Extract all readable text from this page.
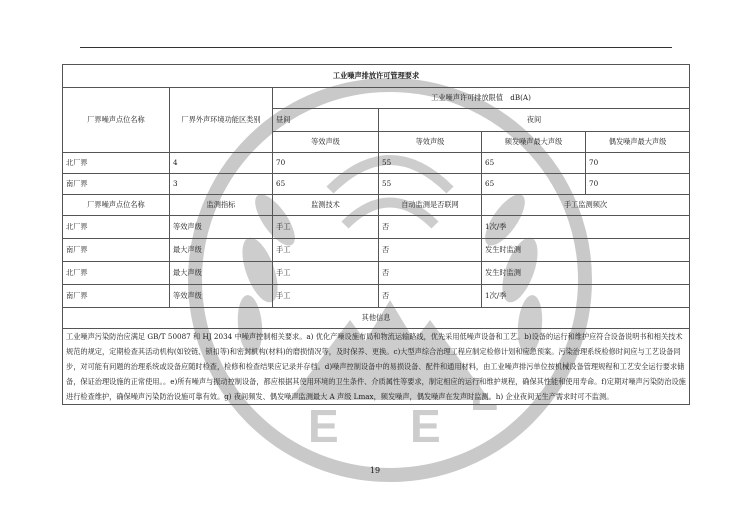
E E
L
工业噪声排放许可管理要求					
厂界噪声点位名称	厂界外声环境功能区类别	工业噪声许可排放限值　dB(A)			
		昼间	夜间		
		等效声级	等效声级	频发噪声最大声级	偶发噪声最大声级
北厂界	4	70	55	65	70
南厂界	3	65	55	65	70
厂界噪声点位名称	监测指标	监测技术	自动监测是否联网	手工监测频次	
北厂界	等效声级	手工	否	1次/季	
南厂界	最大声级	手工	否	发生时监测	
北厂界	最大声级	手工	否	发生时监测	
南厂界	等效声级	手工	否	1次/季	
其他信息					
工业噪声污染防治应满足 GB/T 50087 和 HJ 2034 中噪声控制相关要求。a) 优化产噪设施布局和物流运输路线，优先采用低噪声设备和工艺。b)设备的运行和维护应符合设备说明书和相关技术规范的规定，定期检查其活动机构(如铰链、锁扣等)和密封机构(材料)的磨损情况等，及时保养、更换。c)大型声综合治理工程应制定检修计划和应急预案。污染治理系统检修时间应与工艺设备同步，对可能有问题的治理系统或设备应随时检查，检修和检查结果应记录并存档。d)噪声控制设备中的易损设备、配件和通用材料，由工业噪声排污单位按机械设备管理规程和工艺安全运行要求储备，保证治理设施的正常使用。。e)所有噪声与振动控制设备，都应根据其使用环境的卫生条件、介质属性等要求，制定相应的运行和维护规程，确保其性能和使用寿命。f)定期对噪声污染防治设施进行检查维护，确保噪声污染防治设施可靠有效。g) 夜间频发、偶发噪声监测最大 A 声级 Lmax，频发噪声，偶发噪声在发声时监测。h) 企业夜间无生产需求时可不监测。					
19
